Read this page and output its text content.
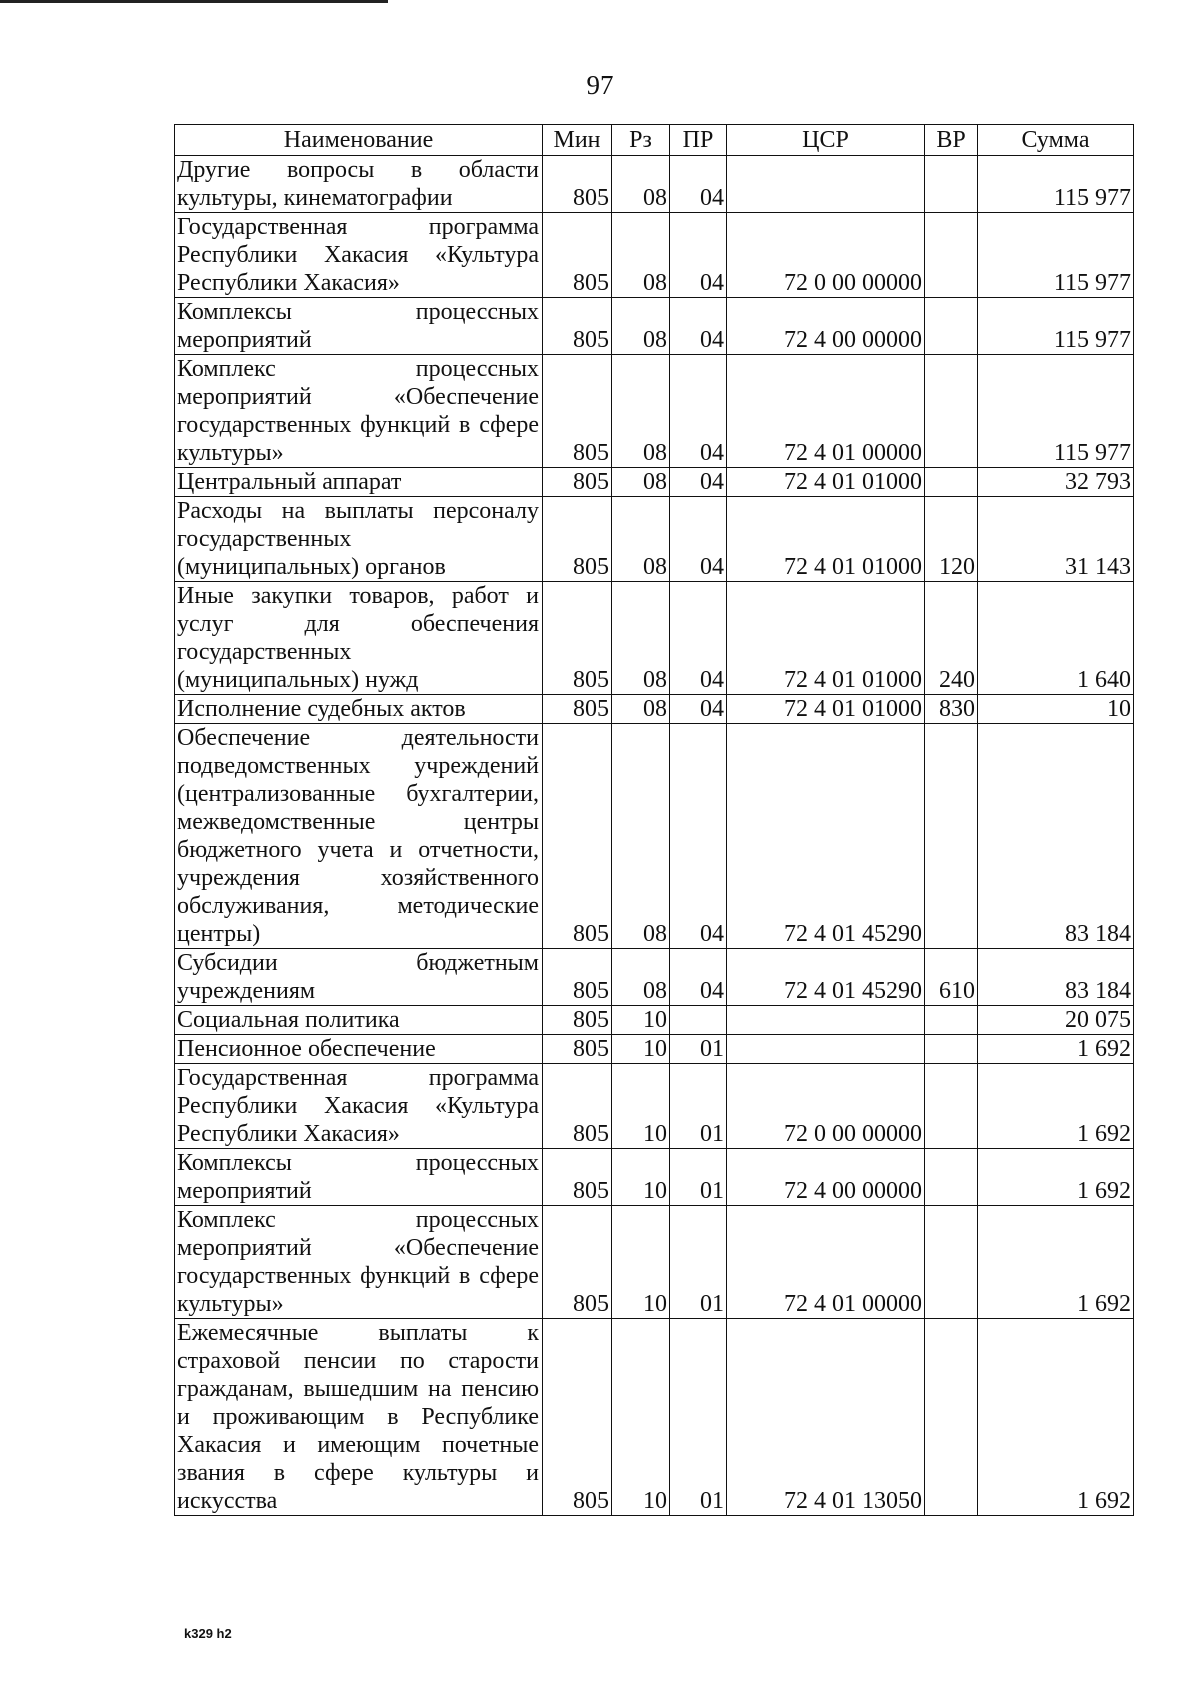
97
Наименование	Мин	Рз	ПР	ЦСР	ВР	Сумма
Другие вопросы в области культуры, кинематографии	805	08	04			115 977
Государственная программа Республики Хакасия «Культура Республики Хакасия»	805	08	04	72 0 00 00000		115 977
Комплексы процессных мероприятий	805	08	04	72 4 00 00000		115 977
Комплекс процессных мероприятий «Обеспечение государственных функций в сфере культуры»	805	08	04	72 4 01 00000		115 977
Центральный аппарат	805	08	04	72 4 01 01000		32 793
Расходы на выплаты персоналу государственных (муниципальных) органов	805	08	04	72 4 01 01000	120	31 143
Иные закупки товаров, работ и услуг для обеспечения государственных (муниципальных) нужд	805	08	04	72 4 01 01000	240	1 640
Исполнение судебных актов	805	08	04	72 4 01 01000	830	10
Обеспечение деятельности подведомственных учреждений (централизованные бухгалтерии, межведомственные центры бюджетного учета и отчетности, учреждения хозяйственного обслуживания, методические центры)	805	08	04	72 4 01 45290		83 184
Субсидии бюджетным учреждениям	805	08	04	72 4 01 45290	610	83 184
Социальная политика	805	10				20 075
Пенсионное обеспечение	805	10	01			1 692
Государственная программа Республики Хакасия «Культура Республики Хакасия»	805	10	01	72 0 00 00000		1 692
Комплексы процессных мероприятий	805	10	01	72 4 00 00000		1 692
Комплекс процессных мероприятий «Обеспечение государственных функций в сфере культуры»	805	10	01	72 4 01 00000		1 692
Ежемесячные выплаты к страховой пенсии по старости гражданам, вышедшим на пенсию и проживающим в Республике Хакасия и имеющим почетные звания в сфере культуры и искусства	805	10	01	72 4 01 13050		1 692
k329 h2
